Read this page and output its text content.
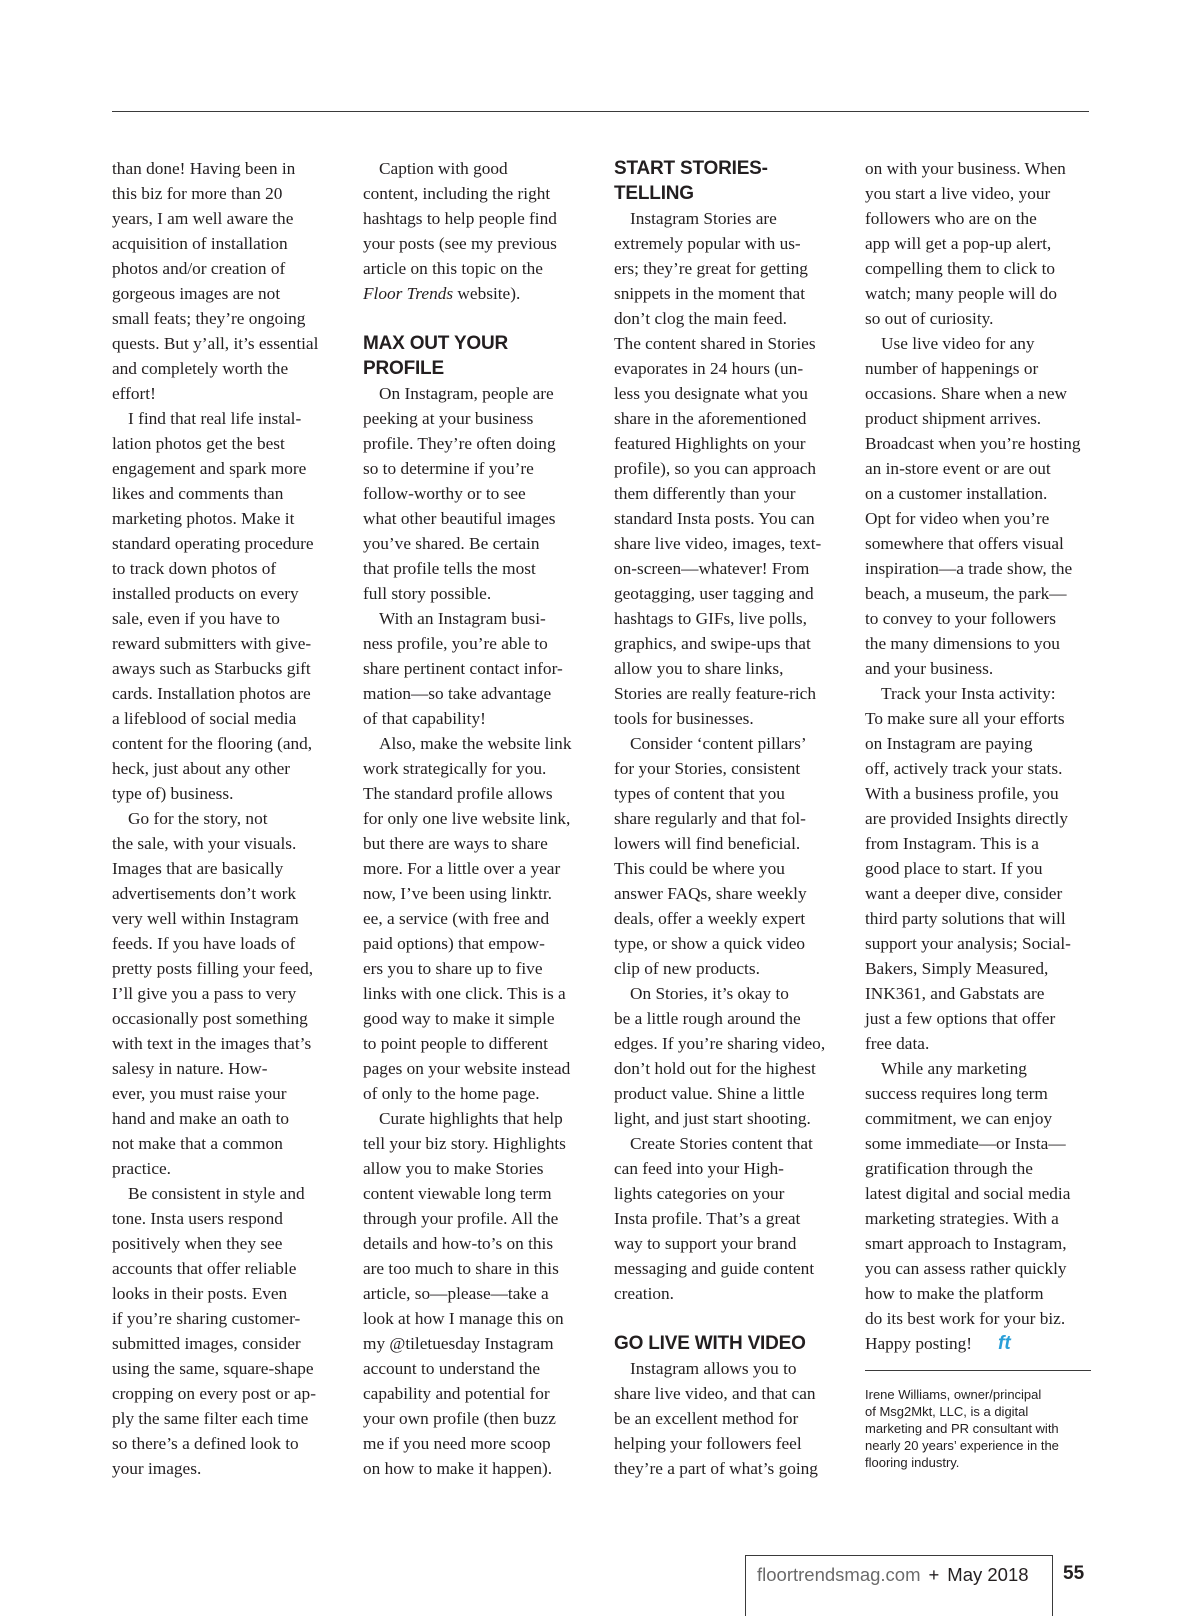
than done! Having been in

this biz for more than 20

years, I am well aware the

acquisition of installation

photos and/or creation of

gorgeous images are not

small feats; they’re ongoing

quests. But y’all, it’s essential

and completely worth the

effort!

I find that real life instal-

lation photos get the best

engagement and spark more

likes and comments than

marketing photos. Make it

standard operating procedure

to track down photos of

installed products on every

sale, even if you have to

reward submitters with give-

aways such as Starbucks gift

cards. Installation photos are

a lifeblood of social media

content for the flooring (and,

heck, just about any other

type of) business.

Go for the story, not

the sale, with your visuals.

Images that are basically

advertisements don’t work

very well within Instagram

feeds. If you have loads of

pretty posts filling your feed,

I’ll give you a pass to very

occasionally post something

with text in the images that’s

salesy in nature. How-

ever, you must raise your

hand and make an oath to

not make that a common

practice.

Be consistent in style and

tone. Insta users respond

positively when they see

accounts that offer reliable

looks in their posts. Even

if you’re sharing customer-

submitted images, consider

using the same, square-shape

cropping on every post or ap-

ply the same filter each time

so there’s a defined look to

your images.

Caption with good

content, including the right

hashtags to help people find

your posts (see my previous

article on this topic on the

Floor Trends website).

MAX OUT YOUR
PROFILE

On Instagram, people are

peeking at your business

profile. They’re often doing

so to determine if you’re

follow-worthy or to see

what other beautiful images

you’ve shared. Be certain

that profile tells the most

full story possible.

With an Instagram busi-

ness profile, you’re able to

share pertinent contact infor-

mation—so take advantage

of that capability!

Also, make the website link

work strategically for you.

The standard profile allows

for only one live website link,

but there are ways to share

more. For a little over a year

now, I’ve been using linktr.

ee, a service (with free and

paid options) that empow-

ers you to share up to five

links with one click. This is a

good way to make it simple

to point people to different

pages on your website instead

of only to the home page.

Curate highlights that help

tell your biz story. Highlights

allow you to make Stories

content viewable long term

through your profile. All the

details and how-to’s on this

are too much to share in this

article, so—please—take a

look at how I manage this on

my @tiletuesday Instagram

account to understand the

capability and potential for

your own profile (then buzz

me if you need more scoop

on how to make it happen).

START STORIES-
TELLING

Instagram Stories are

extremely popular with us-

ers; they’re great for getting

snippets in the moment that

don’t clog the main feed.

The content shared in Stories

evaporates in 24 hours (un-

less you designate what you

share in the aforementioned

featured Highlights on your

profile), so you can approach

them differently than your

standard Insta posts. You can

share live video, images, text-

on-screen—whatever! From

geotagging, user tagging and

hashtags to GIFs, live polls,

graphics, and swipe-ups that

allow you to share links,

Stories are really feature-rich

tools for businesses.

Consider ‘content pillars’

for your Stories, consistent

types of content that you

share regularly and that fol-

lowers will find beneficial.

This could be where you

answer FAQs, share weekly

deals, offer a weekly expert

type, or show a quick video

clip of new products.

On Stories, it’s okay to

be a little rough around the

edges. If you’re sharing video,

don’t hold out for the highest

product value. Shine a little

light, and just start shooting.

Create Stories content that

can feed into your High-

lights categories on your

Insta profile. That’s a great

way to support your brand

messaging and guide content

creation.

GO LIVE WITH VIDEO

Instagram allows you to

share live video, and that can

be an excellent method for

helping your followers feel

they’re a part of what’s going

on with your business. When

you start a live video, your

followers who are on the

app will get a pop-up alert,

compelling them to click to

watch; many people will do

so out of curiosity.

Use live video for any

number of happenings or

occasions. Share when a new

product shipment arrives.

Broadcast when you’re hosting

an in-store event or are out

on a customer installation.

Opt for video when you’re

somewhere that offers visual

inspiration—a trade show, the

beach, a museum, the park—

to convey to your followers

the many dimensions to you

and your business.

Track your Insta activity:

To make sure all your efforts

on Instagram are paying

off, actively track your stats.

With a business profile, you

are provided Insights directly

from Instagram. This is a

good place to start. If you

want a deeper dive, consider

third party solutions that will

support your analysis; Social-

Bakers, Simply Measured,

INK361, and Gabstats are

just a few options that offer

free data.

While any marketing

success requires long term

commitment, we can enjoy

some immediate—or Insta—

gratification through the

latest digital and social media

marketing strategies. With a

smart approach to Instagram,

you can assess rather quickly

how to make the platform

do its best work for your biz.

Happy posting! ft

Irene Williams, owner/principal
of Msg2Mkt, LLC, is a digital
marketing and PR consultant with
nearly 20 years’ experience in the
flooring industry.
floortrendsmag.com + May 2018 55
